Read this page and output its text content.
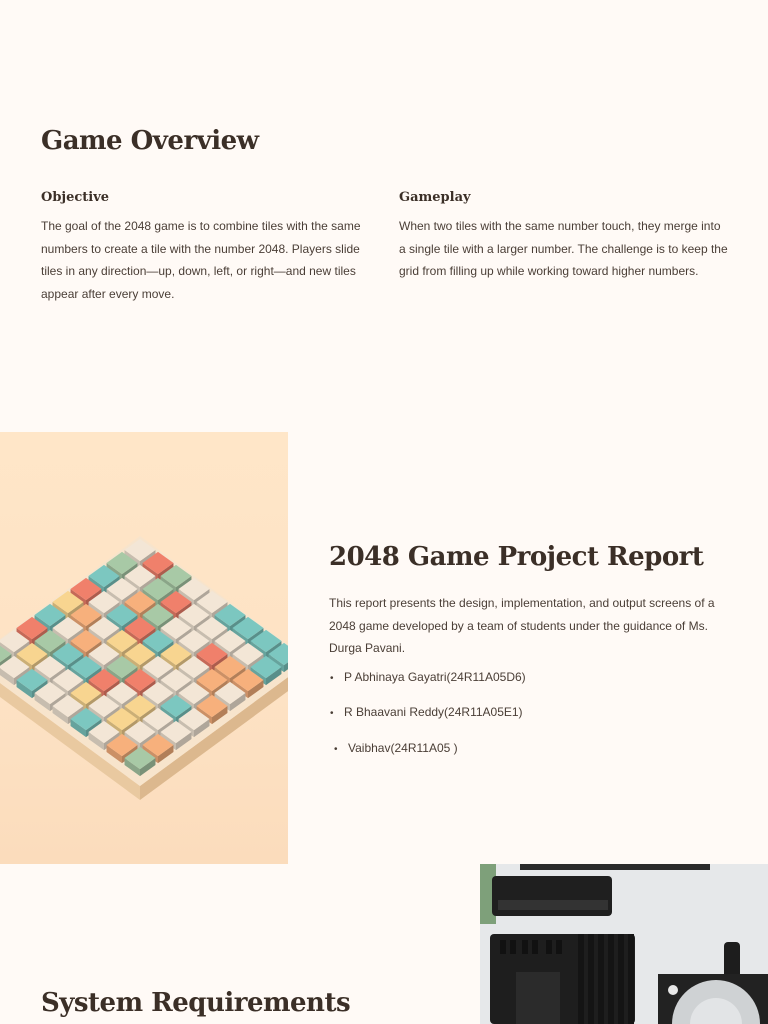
Game Overview
Objective

The goal of the 2048 game is to combine tiles with the same numbers to create a tile with the number 2048. Players slide tiles in any direction—up, down, left, or right—and new tiles appear after every move.

Gameplay

When two tiles with the same number touch, they merge into a single tile with a larger number. The challenge is to keep the grid from filling up while working toward higher numbers.

2048 Game Project Report

This report presents the design, implementation, and output screens of a 2048 game developed by a team of students under the guidance of Ms. Durga Pavani.

• P Abhinaya Gayatri(24R11A05D6)
• R Bhaavani Reddy(24R11A05E1)
• Vaibhav(24R11A05 )
System Requirements
